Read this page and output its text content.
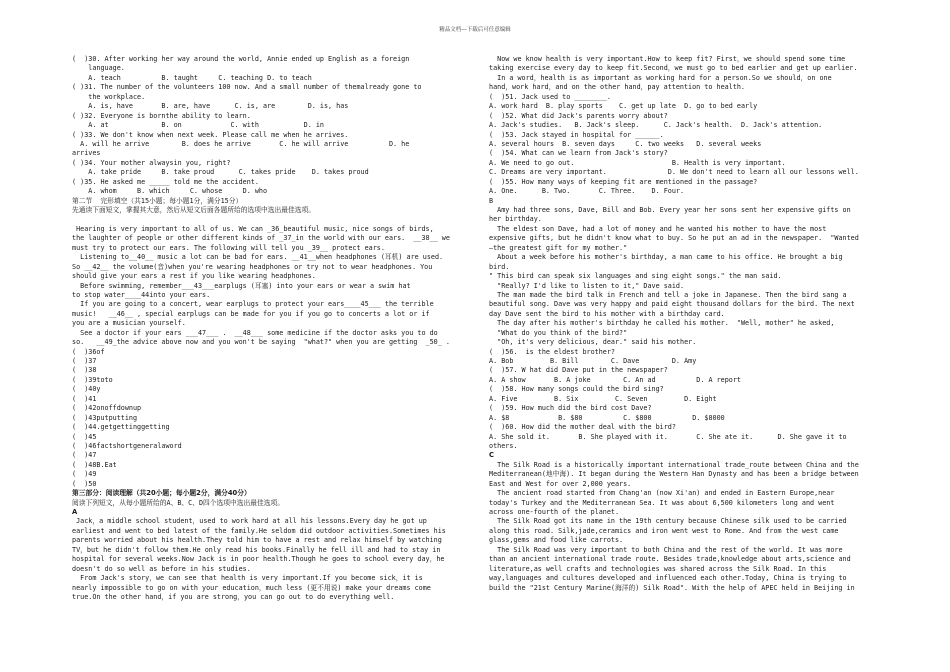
精品文档---下载后可任意编辑
(  )30. After working her way around the world, Annie ended up English as a foreign
language.
A. teach          B. taught     C. teaching D. to teach
( )31. The number of the volunteers 100 now. And a small number of themalready gone to
the workplace.
A. is, have       B. are, have      C. is, are        D. is, has
( )32. Everyone is bornthe ability to learn.
A. at             B. on            C. with           D. in
( )33. We don't know when next week. Please call me when he arrives.
A. will he arrive        B. does he arrive       C. he will arrive          D. he
arrives
( )34. Your mother alwaysin you, right?
A. take pride     B. take proud      C. takes pride    D. takes proud
( )35. He asked me _____ told me the accident.
A. whom     B. which     C. whose     D. who
第二节  完形填空（共15小题；每小题1分，满分15分）
先通读下面短文，掌握其大意，然后从短文后面各题所给的选项中选出最佳选项。
Hearing is very important to all of us. We can _36_beautiful music, nice songs of birds,
the laughter of people or other different kinds of _37_in the world with our ears.  __38__ we
must try to protect our ears. The following will tell you _39__ protect ears.
Listening to__40__ music a lot can be bad for ears. __41__when headphones (耳机) are used.
So __42__ the volume(音)when you're wearing headphones or try not to wear headphones. You
should give your ears a rest if you like wearing headphones.
Before swimming, remember___43___earplugs (耳塞) into your ears or wear a swim hat
to stop water____44into your ears.
If you are going to a concert, wear earplugs to protect your ears____45___ the terrible
music!   __46__ , special earplugs can be made for you if you go to concerts a lot or if
you are a musician yourself.
See a doctor if your ears ___47___ .  __48___ some medicine if the doctor asks you to do
so.   __49_the advice above now and you won't be saying  "what?" when you are getting  _50_ .
(  )36of
(  )37
(  )38
(  )39toto
(  )40y
(  )41
(  )42onoffdownup
(  )43putputting
(  )44.getgettinggetting
(  )45
(  )46factshortgeneralaword
(  )47
(  )48B.Eat
(  )49
(  )50
第三部分：阅读理解（共20小题；每小题2分，满分40分）
阅读下列短文，从每小题所给的A、B、C、D四个选项中选出最佳选项。
A
Jack，a middle school student，used to work hard at all his lessons.Every day he got up
earliest and went to bed latest of the family.He seldom did outdoor activities.Sometimes his
parents worried about his health.They told him to have a rest and relax himself by watching
TV，but he didn't follow them.He only read his books.Finally he fell ill and had to stay in
hospital for several weeks.Now Jack is in poor health.Though he goes to school every day，he
doesn't do so well as before in his studies.
From Jack's story，we can see that health is very important.If you become sick，it is
nearly impossible to go on with your education，much less (更不用说) make your dreams come
true.On the other hand，if you are strong，you can go out to do everything well.
Now we know health is very important.How to keep fit? First，we should spend some time
taking exercise every day to keep fit.Second，we must go to bed earlier and get up earlier.
In a word，health is as important as working hard for a person.So we should，on one
hand，work hard，and on the other hand，pay attention to health.
(  )51. Jack used to ________.
A. work hard  B. play sports    C. get up late  D. go to bed early
(  )52. What did Jack's parents worry about?
A. Jack's studies.   B. Jack's sleep.      C. Jack's health.  D. Jack's attention.
(  )53. Jack stayed in hospital for ______.
A. several hours  B. seven days     C. two weeks   D. several weeks
(  )54. What can we learn from Jack's story?
A. We need to go out.                        B. Health is very important.
C. Dreams are very important.               D. We don't need to learn all our lessons well.
(  )55. How many ways of keeping fit are mentioned in the passage?
A. One.      B. Two.       C. Three.    D. Four.
B
Amy had three sons, Dave, Bill and Bob. Every year her sons sent her expensive gifts on
her birthday.
The eldest son Dave, had a lot of money and he wanted his mother to have the most
expensive gifts, but he didn't know what to buy. So he put an ad in the newspaper.  "Wanted
—the greatest gift for my mother."
About a week before his mother's birthday, a man came to his office. He brought a big
bird.
" This bird can speak six languages and sing eight songs." the man said.
"Really? I'd like to listen to it," Dave said.
The man made the bird talk in French and tell a joke in Japanese. Then the bird sang a
beautiful song. Dave was very happy and paid eight thousand dollars for the bird. The next
day Dave sent the bird to his mother with a birthday card.
The day after his mother's birthday he called his mother.  "Well, mother" he asked,
"What do you think of the bird?"
"Oh, it's very delicious, dear." said his mother.
(  )56.  is the eldest brother?
A. Bob         B. Bill        C. Dave        D. Amy
(  )57. W hat did Dave put in the newspaper?
A. A show       B. A joke        C. An ad          D. A report
(  )58. How many songs could the bird sing?
A. Five         B. Six         C. Seven         D. Eight
(  )59. How much did the bird cost Dave?
A. $8            B. $80          C. $800          D. $8000
(  )60. How did the mother deal with the bird?
A. She sold it.       B. She played with it.       C. She ate it.      D. She gave it to
others.
C
The Silk Road is a historically important international trade_route between China and the
Mediterranean(地中海). It began during the Western Han Dynasty and has been a bridge between
East and West for over 2,000 years.
The ancient road started from Chang'an (now Xi'an) and ended in Eastern Europe,near
today's Turkey and the Mediterranean Sea. It was about 6,500 kilometers long and went
across one-fourth of the planet.
The Silk Road got its name in the 19th century because Chinese silk used to be carried
along this road. Silk,jade,ceramics and iron went west to Rome. And from the west came
glass,gems and food like carrots.
The Silk Road was very important to both China and the rest of the world. It was more
than an ancient international trade route. Besides trade,knowledge about arts,science and
literature,as well crafts and technologies was shared across the Silk Road. In this
way,languages and cultures developed and influenced each other.Today, China is trying to
build the "21st Century Marine(海洋的) Silk Road". With the help of APEC held in Beijing in
